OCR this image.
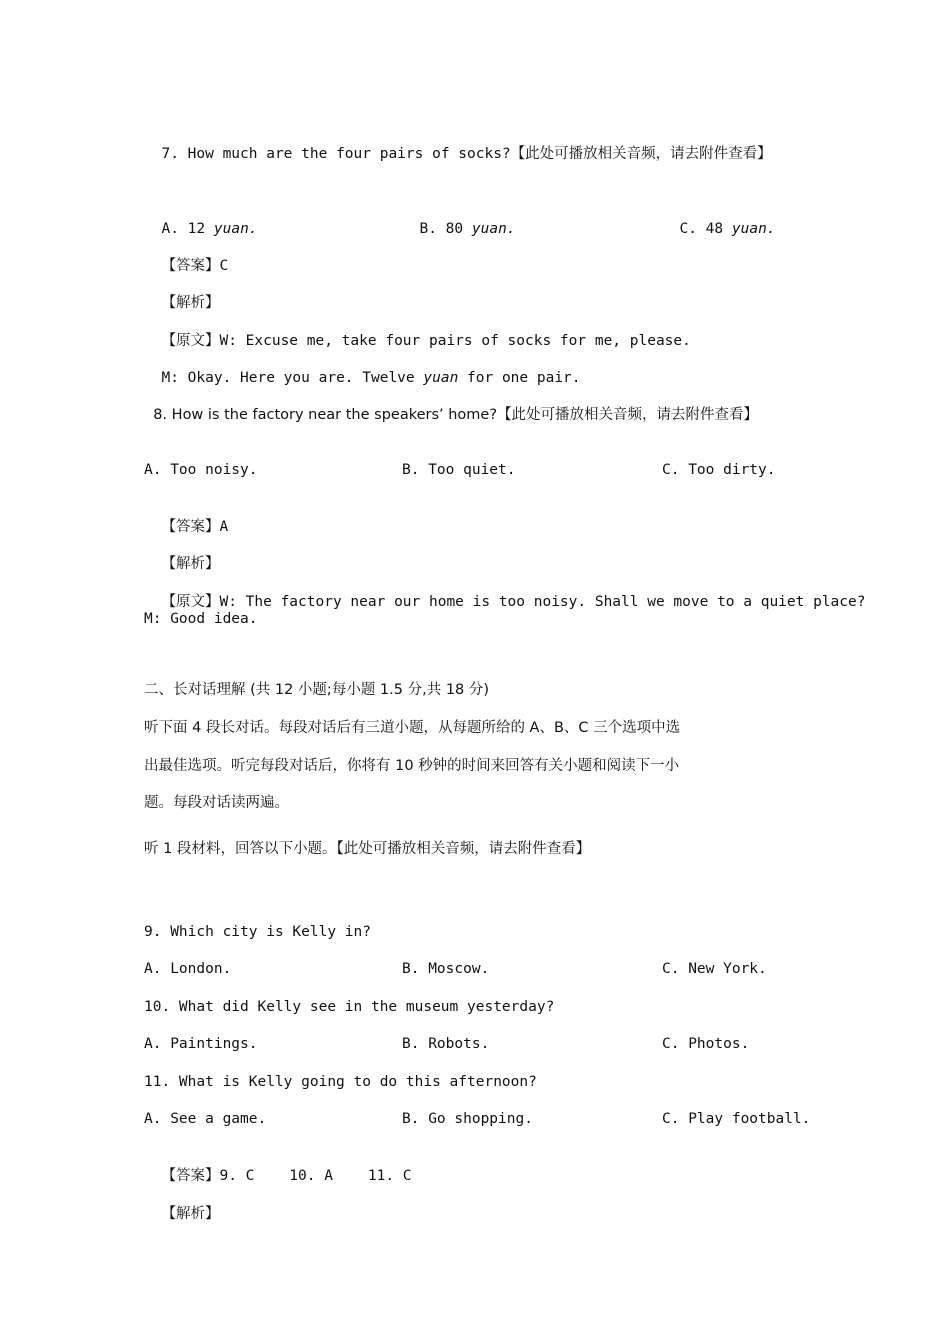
7. How much are the four pairs of socks?【此处可播放相关音频，请去附件查看】

A. 12 yuan.	B. 80 yuan.	C. 48 yuan.

【答案】C

【解析】

【原文】W: Excuse me, take four pairs of socks for me, please.

M: Okay. Here you are. Twelve yuan for one pair.

8. How is the factory near the speakers’ home?【此处可播放相关音频，请去附件查看】

A. Too noisy.	B. Too quiet.	C. Too dirty.

【答案】A

【解析】

【原文】W: The factory near our home is too noisy. Shall we move to a quiet place?

M: Good idea.
二、长对话理解 (共 12 小题;每小题 1.5 分,共 18 分)
听下面 4 段长对话。每段对话后有三道小题，从每题所给的 A、B、C 三个选项中选
出最佳选项。听完每段对话后，你将有 10 秒钟的时间来回答有关小题和阅读下一小
题。每段对话读两遍。
听 1 段材料，回答以下小题。【此处可播放相关音频，请去附件查看】
9. Which city is Kelly in?
A. London.	B. Moscow.	C. New York.
10. What did Kelly see in the museum yesterday?
A. Paintings.	B. Robots.	C. Photos.
11. What is Kelly going to do this afternoon?
A. See a game.	B. Go shopping.	C. Play football.

【答案】9. C    10. A    11. C

【解析】
